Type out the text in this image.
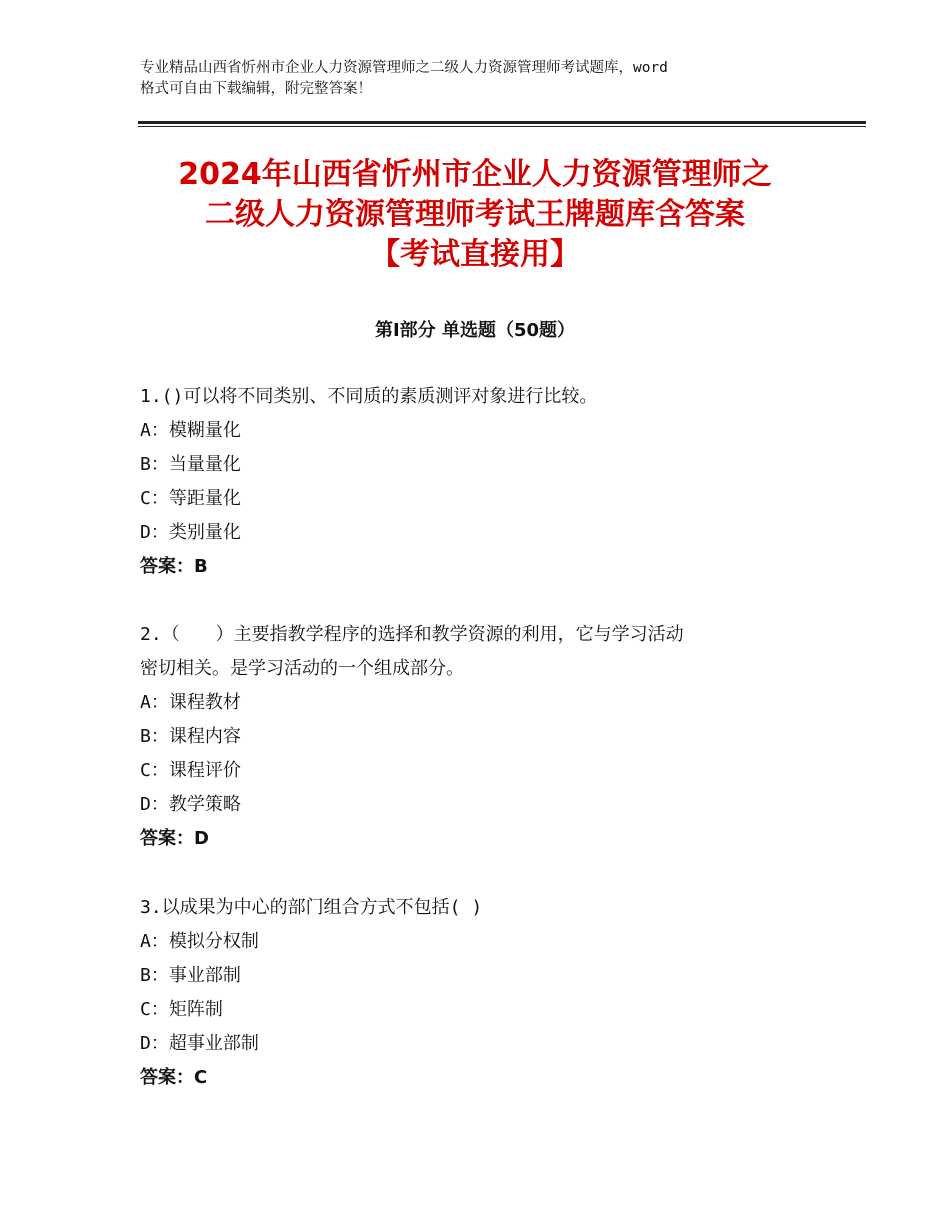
专业精品山西省忻州市企业人力资源管理师之二级人力资源管理师考试题库，word
格式可自由下载编辑，附完整答案！
2024年山西省忻州市企业人力资源管理师之
二级人力资源管理师考试王牌题库含答案
【考试直接用】
第Ⅰ部分 单选题（50题）
1.()可以将不同类别、不同质的素质测评对象进行比较。
A：模糊量化
B：当量量化
C：等距量化
D：类别量化
答案：B
2.（　　）主要指教学程序的选择和教学资源的利用，它与学习活动
密切相关。是学习活动的一个组成部分。
A：课程教材
B：课程内容
C：课程评价
D：教学策略
答案：D
3.以成果为中心的部门组合方式不包括( )
A：模拟分权制
B：事业部制
C：矩阵制
D：超事业部制
答案：C
